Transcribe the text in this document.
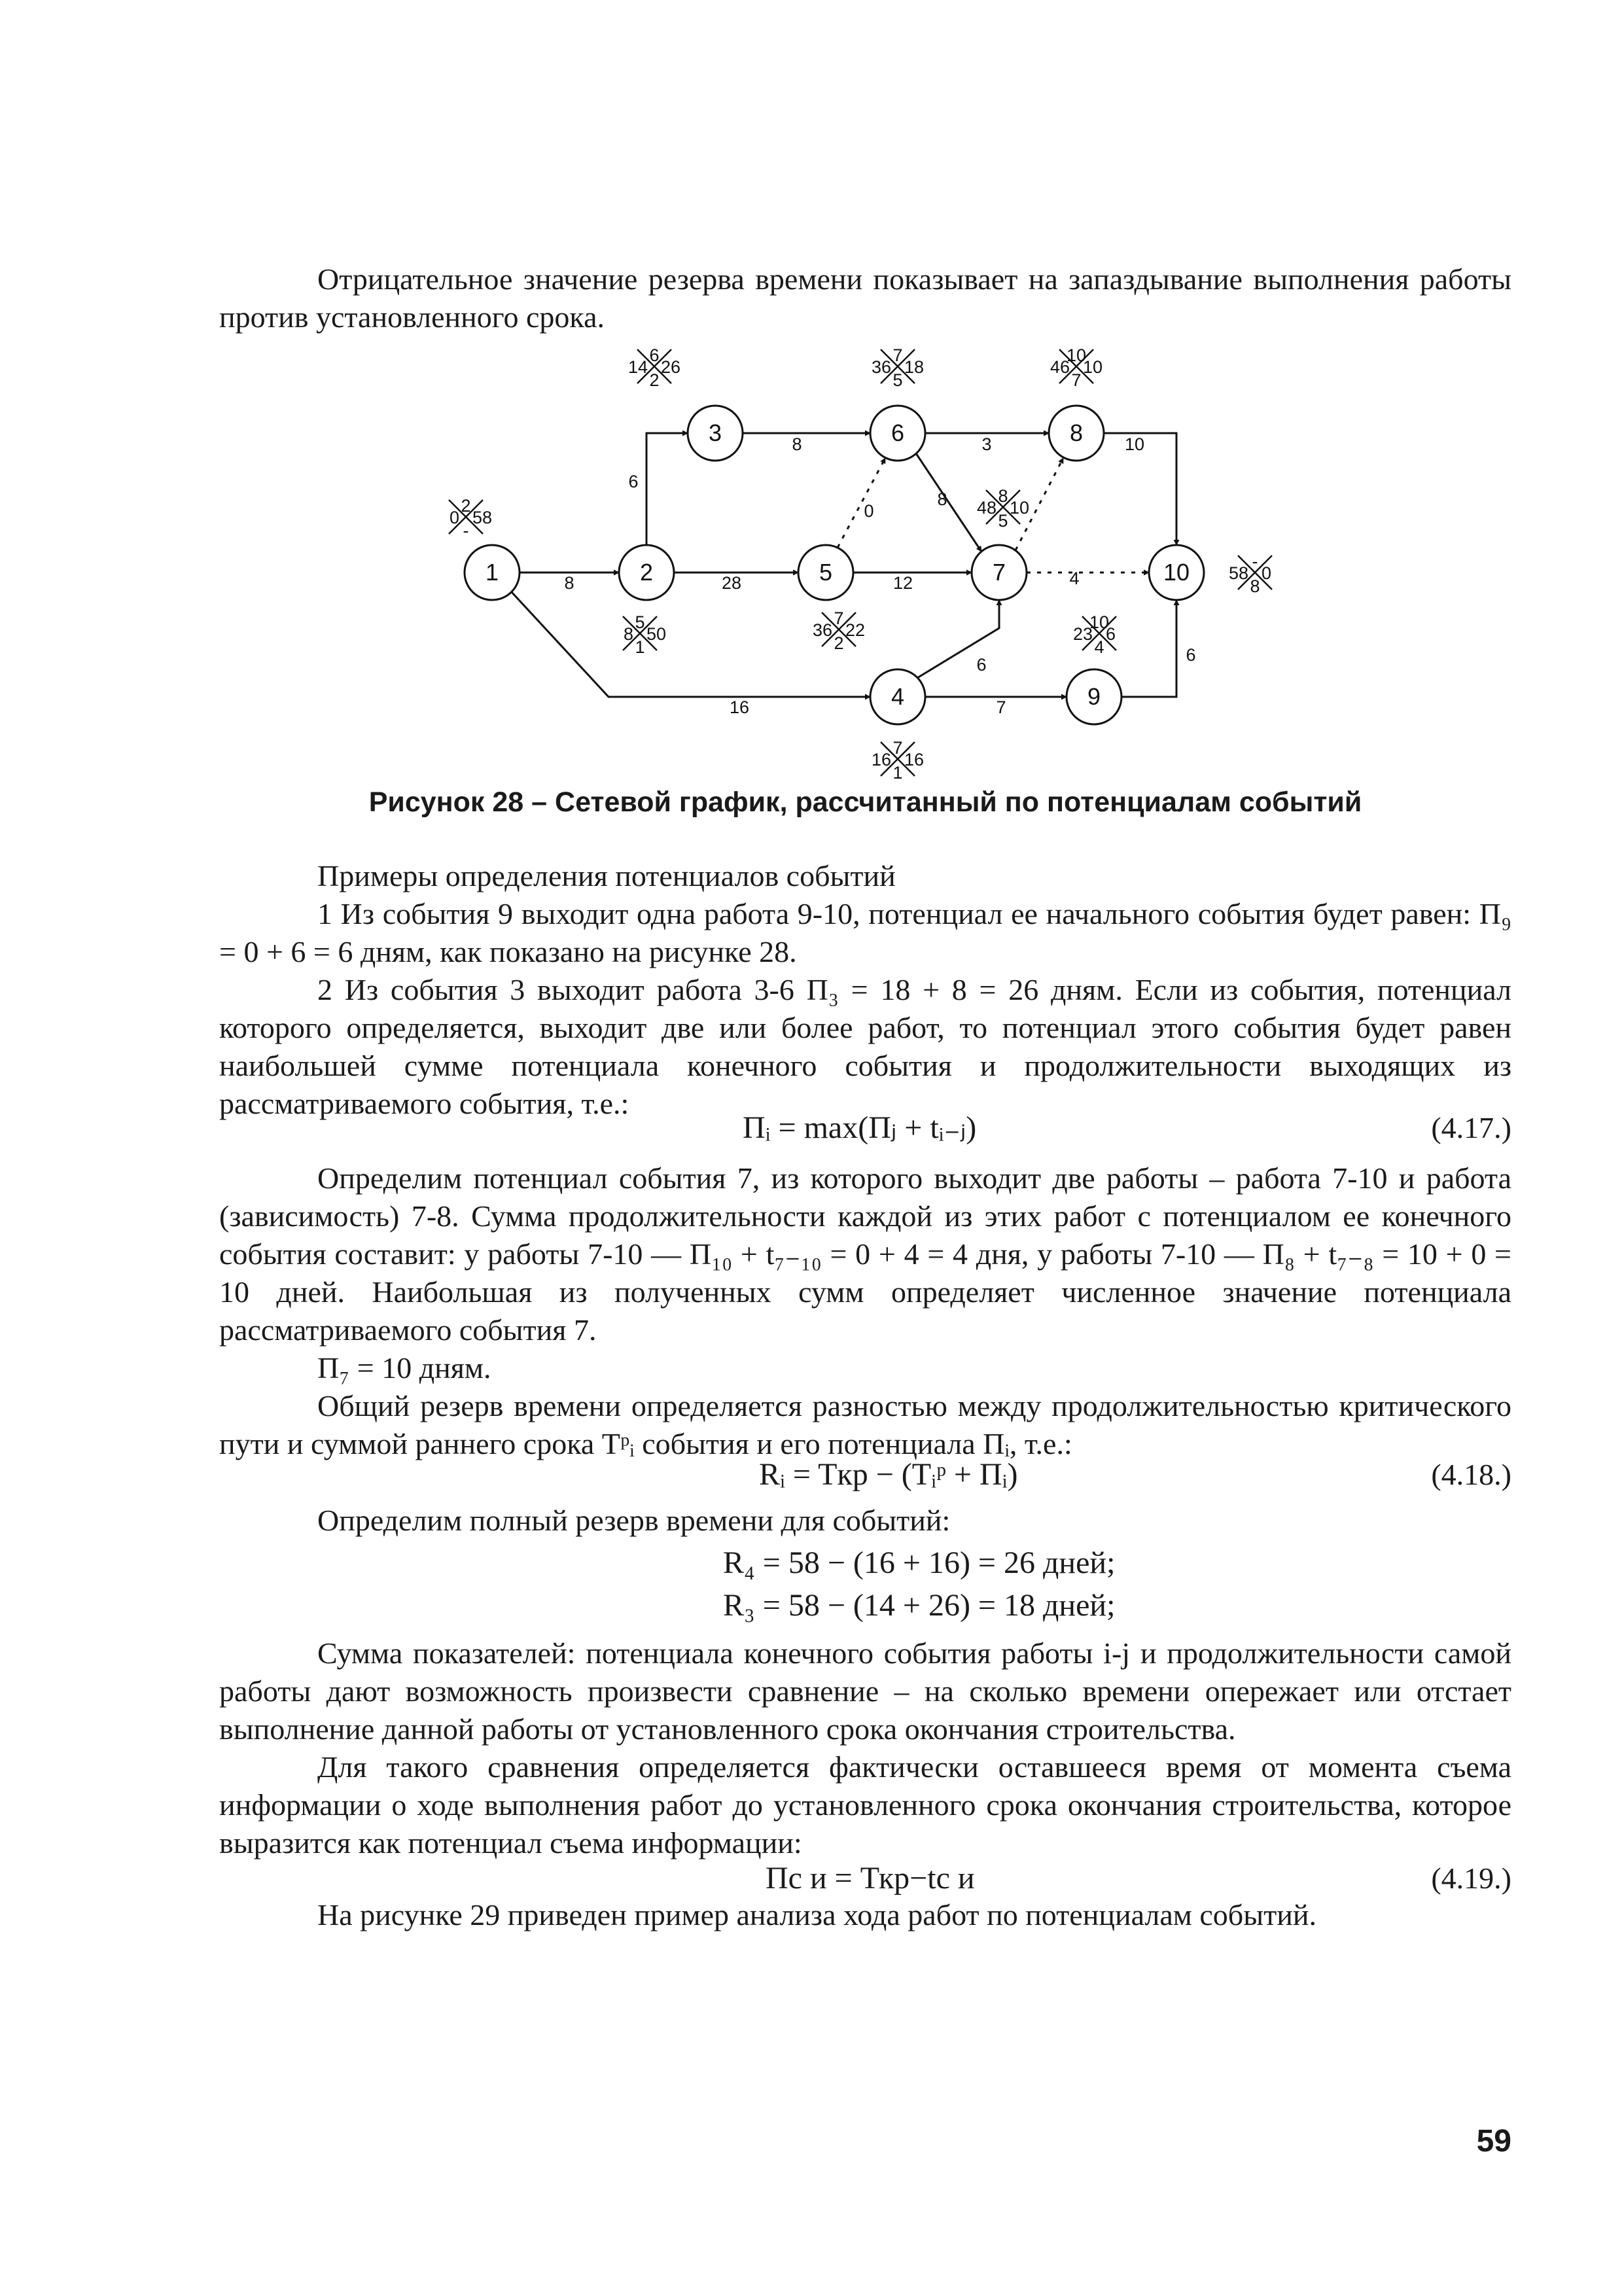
Отрицательное значение резерва времени показывает на запаздывание выполнения работы против установленного срока.
8
16
6
28
8
0
12
3
8
4
10
6
7
6
1	2
3
4
5
6
7
8
9
10
2
0 58
-
5
8 50
1
6
14 26
2
7
16 16
1
7
36 22
2
7
36 18
5
8
48 10
5
10
46 10
7
10
23 6
4
-
58 0
8
Рисунок 28 – Сетевой график, рассчитанный по потенциалам событий
Примеры определения потенциалов событий
1 Из события 9 выходит одна работа 9-10, потенциал ее начального события будет равен: П₉ = 0 + 6 = 6 дням, как показано на рисунке 28.
2 Из события 3 выходит работа 3-6 П₃ = 18 + 8 = 26 дням. Если из события, потенциал которого определяется, выходит две или более работ, то потенциал этого события будет равен наибольшей сумме потенциала конечного события и продолжительности выходящих из рассматриваемого события, т.е.:
Пᵢ = max(Пⱼ + tᵢ₋ⱼ)	(4.17.)
Определим потенциал события 7, из которого выходит две работы – работа 7-10 и работа (зависимость) 7-8. Сумма продолжительности каждой из этих работ с потенциалом ее конечного события составит: у работы 7-10 — П₁₀ + t₇₋₁₀ = 0 + 4 = 4 дня, у работы 7-10 — П₈ + t₇₋₈ = 10 + 0 = 10 дней. Наибольшая из полученных сумм определяет численное значение потенциала рассматриваемого события 7.
П₇ = 10 дням.
Общий резерв времени определяется разностью между продолжительностью критического пути и суммой раннего срока Тᵖᵢ события и его потенциала Пᵢ, т.е.:
Rᵢ = Tкр − (Tᵢᵖ + Пᵢ)	(4.18.)
Определим полный резерв времени для событий:
R₄ = 58 − (16 + 16) = 26 дней;
R₃ = 58 − (14 + 26) = 18 дней;
Сумма показателей: потенциала конечного события работы i-j и продолжительности самой работы дают возможность произвести сравнение – на сколько времени опережает или отстает выполнение данной работы от установленного срока окончания строительства.
Для такого сравнения определяется фактически оставшееся время от момента съема информации о ходе выполнения работ до установленного срока окончания строительства, которое выразится как потенциал съема информации:
Пс и = Ткр−tс и	(4.19.)
На рисунке 29 приведен пример анализа хода работ по потенциалам событий.
59
